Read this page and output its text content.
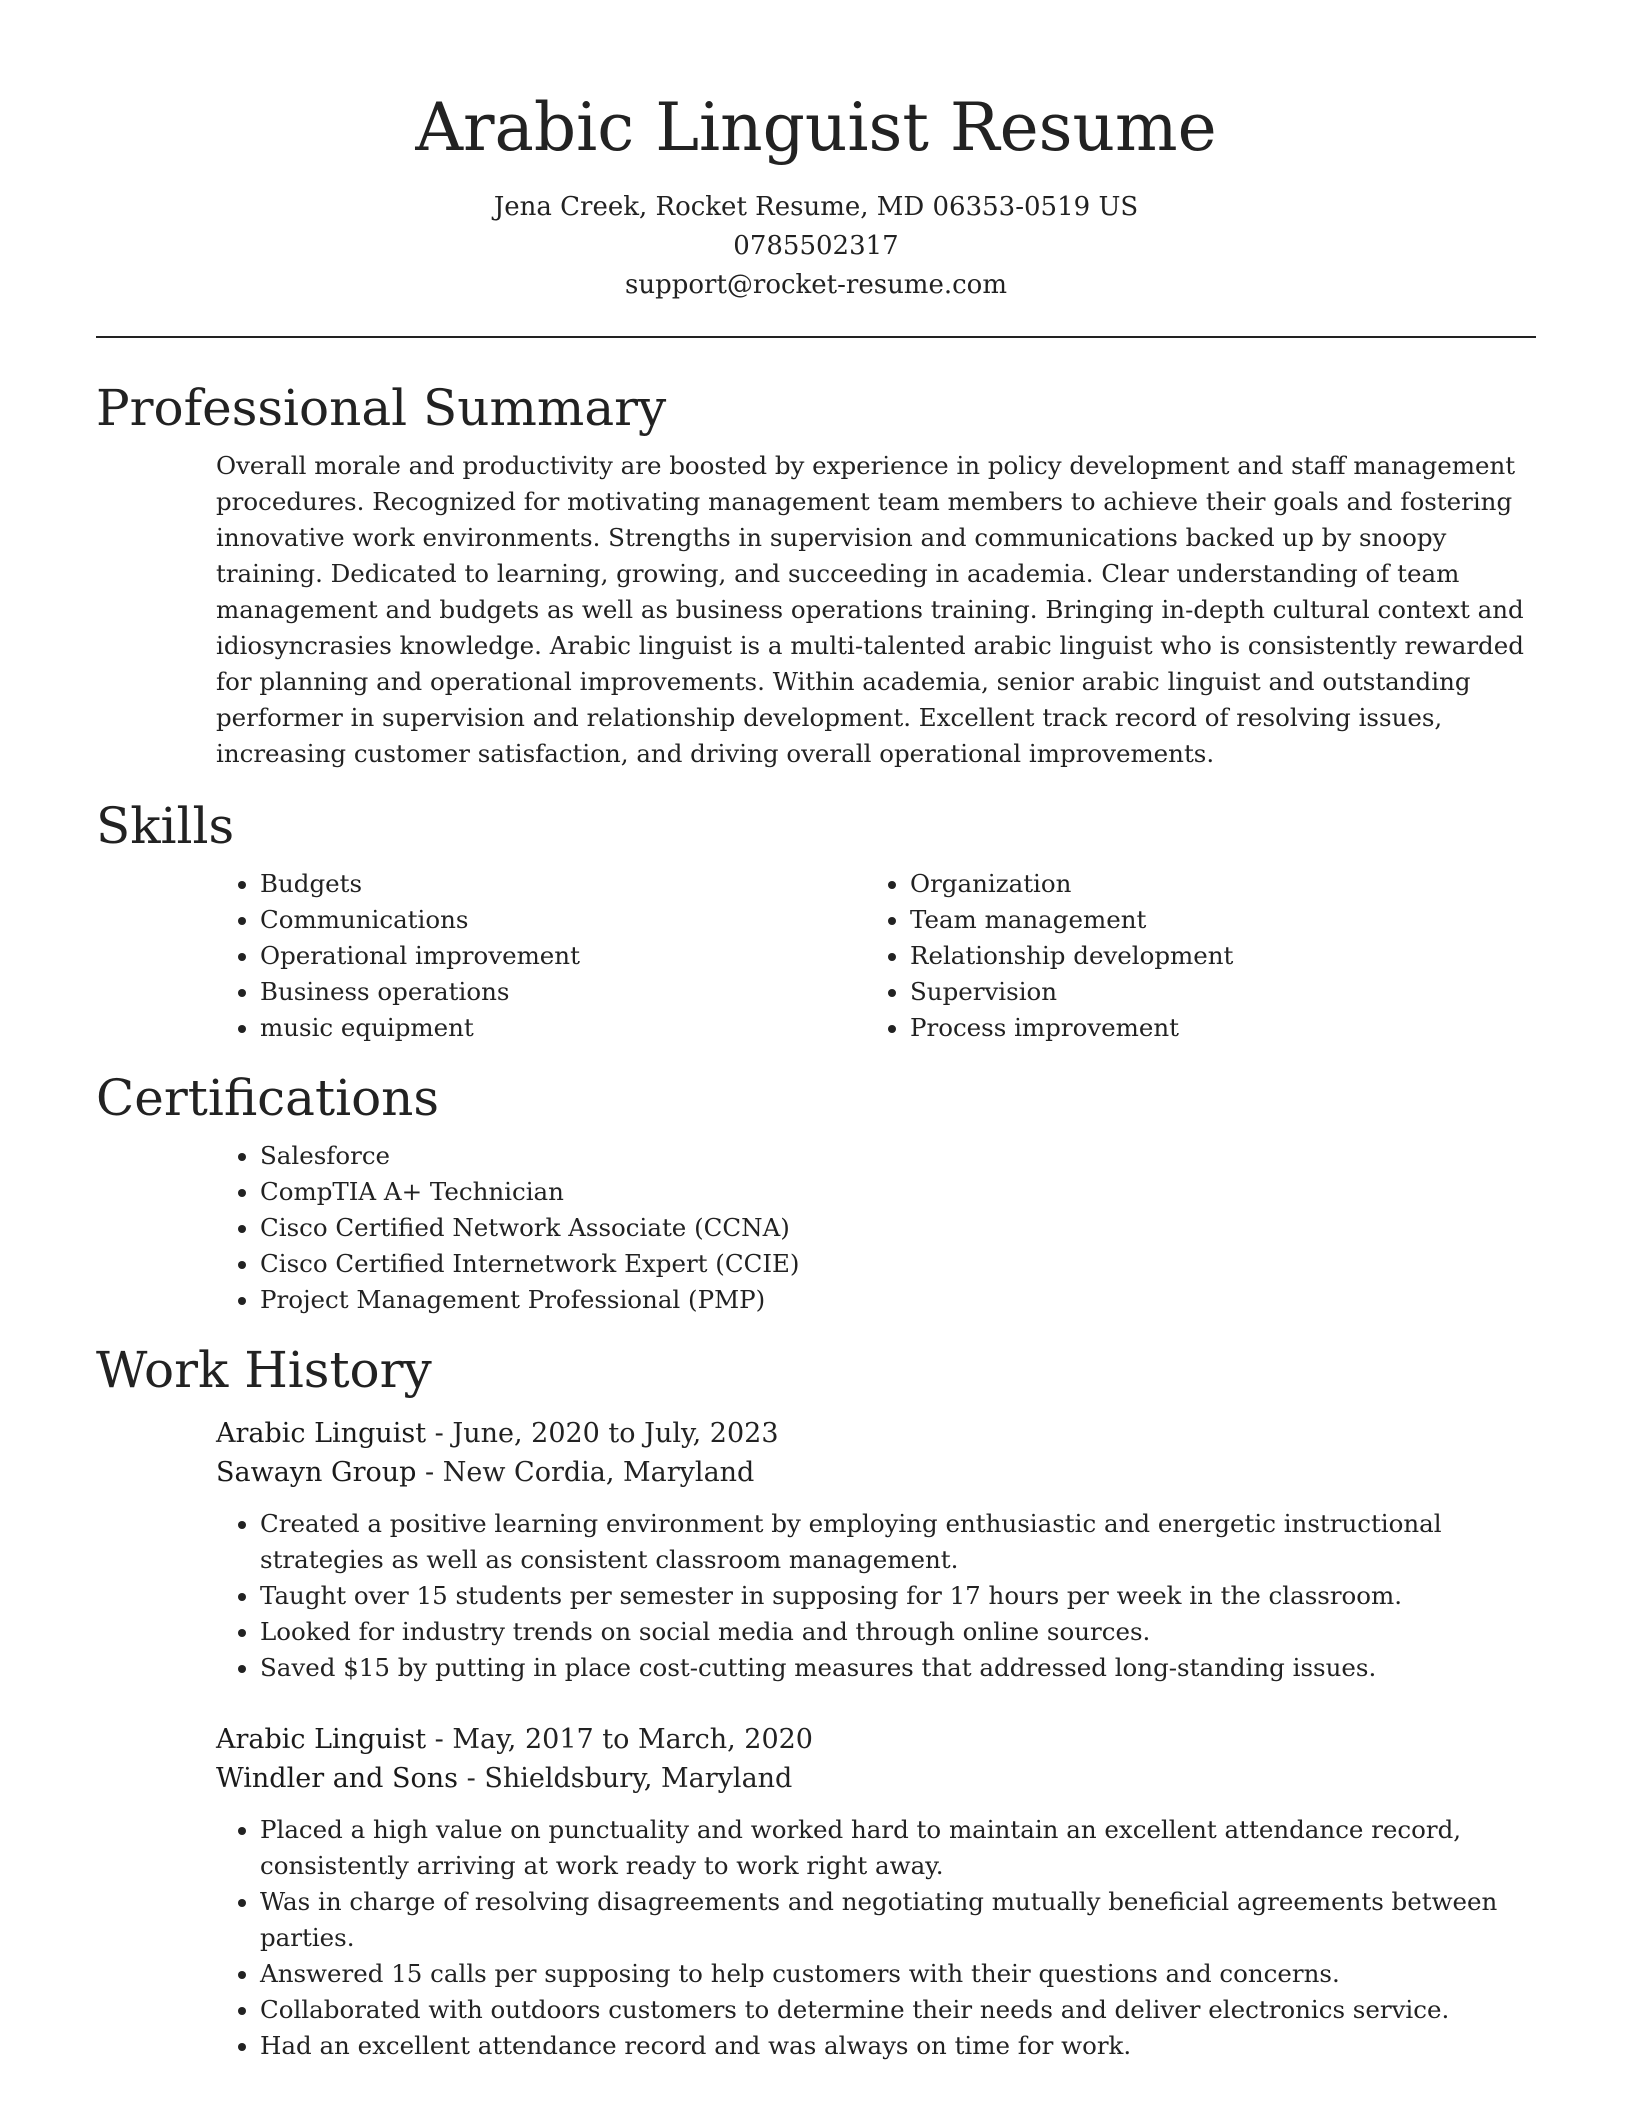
Arabic Linguist Resume
Jena Creek, Rocket Resume, MD 06353-0519 US
0785502317
support@rocket-resume.com
Professional Summary

Overall morale and productivity are boosted by experience in policy development and staff management procedures. Recognized for motivating management team members to achieve their goals and fostering innovative work environments. Strengths in supervision and communications backed up by snoopy training. Dedicated to learning, growing, and succeeding in academia. Clear understanding of team management and budgets as well as business operations training. Bringing in-depth cultural context and idiosyncrasies knowledge. Arabic linguist is a multi-talented arabic linguist who is consistently rewarded for planning and operational improvements. Within academia, senior arabic linguist and outstanding performer in supervision and relationship development. Excellent track record of resolving issues, increasing customer satisfaction, and driving overall operational improvements.

Skills
• Budgets
• Communications
• Operational improvement
• Business operations
• music equipment
• Organization
• Team management
• Relationship development
• Supervision
• Process improvement
Certifications
• Salesforce
• CompTIA A+ Technician
• Cisco Certified Network Associate (CCNA)
• Cisco Certified Internetwork Expert (CCIE)
• Project Management Professional (PMP)
Work History
Arabic Linguist - June, 2020 to July, 2023
Sawayn Group - New Cordia, Maryland
• Created a positive learning environment by employing enthusiastic and energetic instructional strategies as well as consistent classroom management.
• Taught over 15 students per semester in supposing for 17 hours per week in the classroom.
• Looked for industry trends on social media and through online sources.
• Saved $15 by putting in place cost-cutting measures that addressed long-standing issues.
Arabic Linguist - May, 2017 to March, 2020
Windler and Sons - Shieldsbury, Maryland
• Placed a high value on punctuality and worked hard to maintain an excellent attendance record, consistently arriving at work ready to work right away.
• Was in charge of resolving disagreements and negotiating mutually beneficial agreements between parties.
• Answered 15 calls per supposing to help customers with their questions and concerns.
• Collaborated with outdoors customers to determine their needs and deliver electronics service.
• Had an excellent attendance record and was always on time for work.
